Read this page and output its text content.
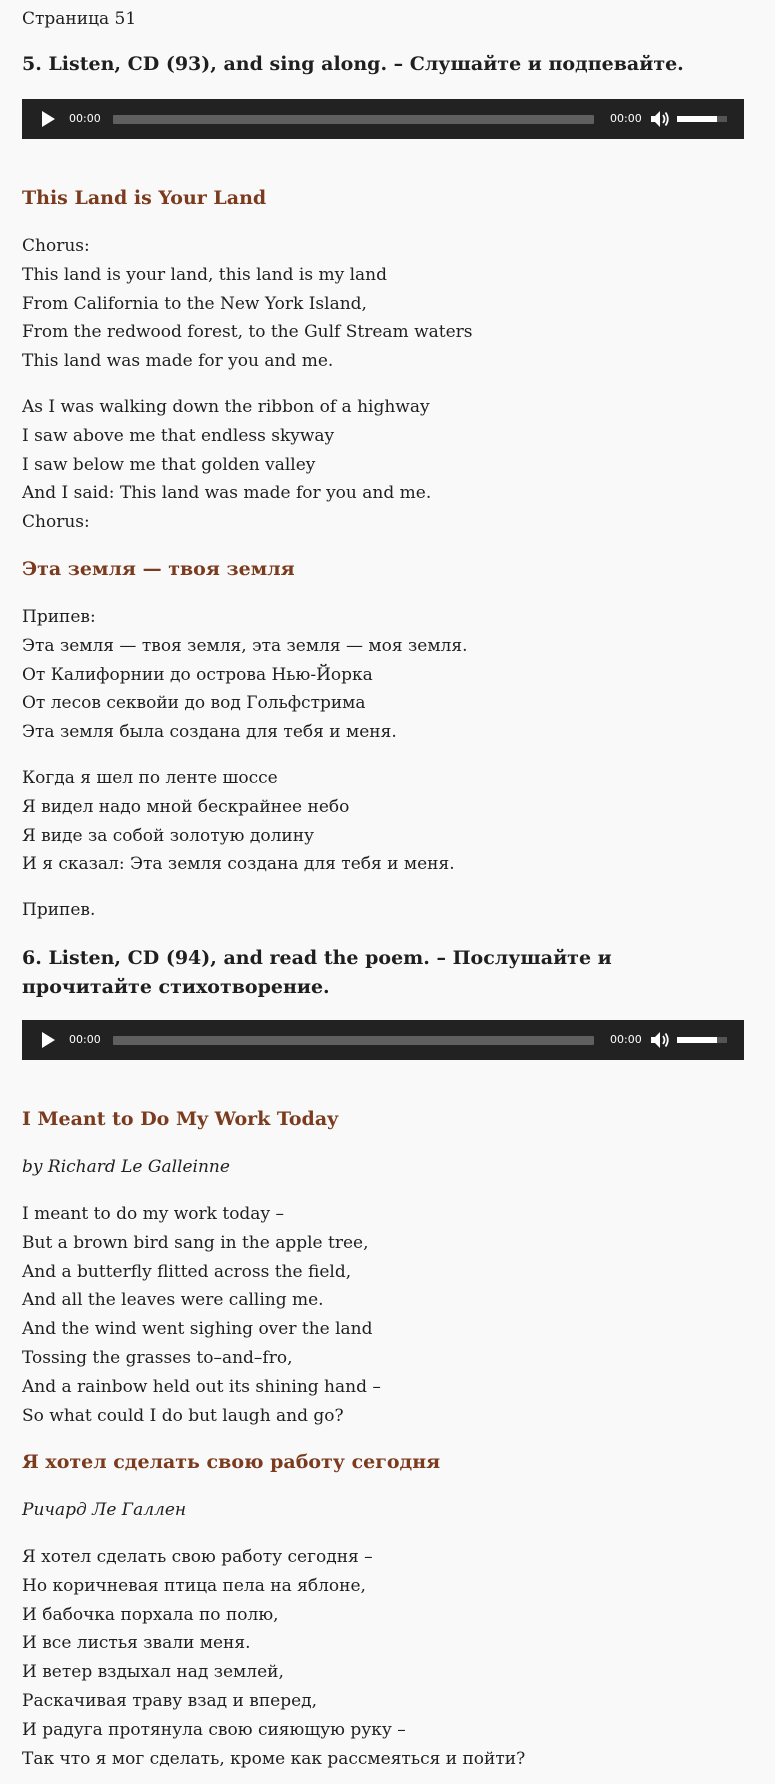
Страница 51

5. Listen, CD (93), and sing along. – Слушайте и подпевайте.

00:00	00:00

This Land is Your Land

Chorus:
This land is your land, this land is my land
From California to the New York Island,
From the redwood forest, to the Gulf Stream waters
This land was made for you and me.
As I was walking down the ribbon of a highway
I saw above me that endless skyway
I saw below me that golden valley
And I said: This land was made for you and me.
Chorus:

Эта земля — твоя земля

Припев:
Эта земля — твоя земля, эта земля — моя земля.
От Калифорнии до острова Нью-Йорка
От лесов секвойи до вод Гольфстрима
Эта земля была создана для тебя и меня.
Когда я шел по ленте шоссе
Я видел надо мной бескрайнее небо
Я виде за собой золотую долину
И я сказал: Эта земля создана для тебя и меня.
Припев.

6. Listen, CD (94), and read the poem. – Послушайте и прочитайте стихотворение.

00:00	00:00

I Meant to Do My Work Today

by Richard Le Galleinne

I meant to do my work today –
But a brown bird sang in the apple tree,
And a butterfly flitted across the field,
And all the leaves were calling me.
And the wind went sighing over the land
Tossing the grasses to–and–fro,
And a rainbow held out its shining hand –
So what could I do but laugh and go?

Я хотел сделать свою работу сегодня

Ричард Ле Галлен

Я хотел сделать свою работу сегодня –
Но коричневая птица пела на яблоне,
И бабочка порхала по полю,
И все листья звали меня.
И ветер вздыхал над землей,
Раскачивая траву взад и вперед,
И радуга протянула свою сияющую руку –
Так что я мог сделать, кроме как рассмеяться и пойти?
